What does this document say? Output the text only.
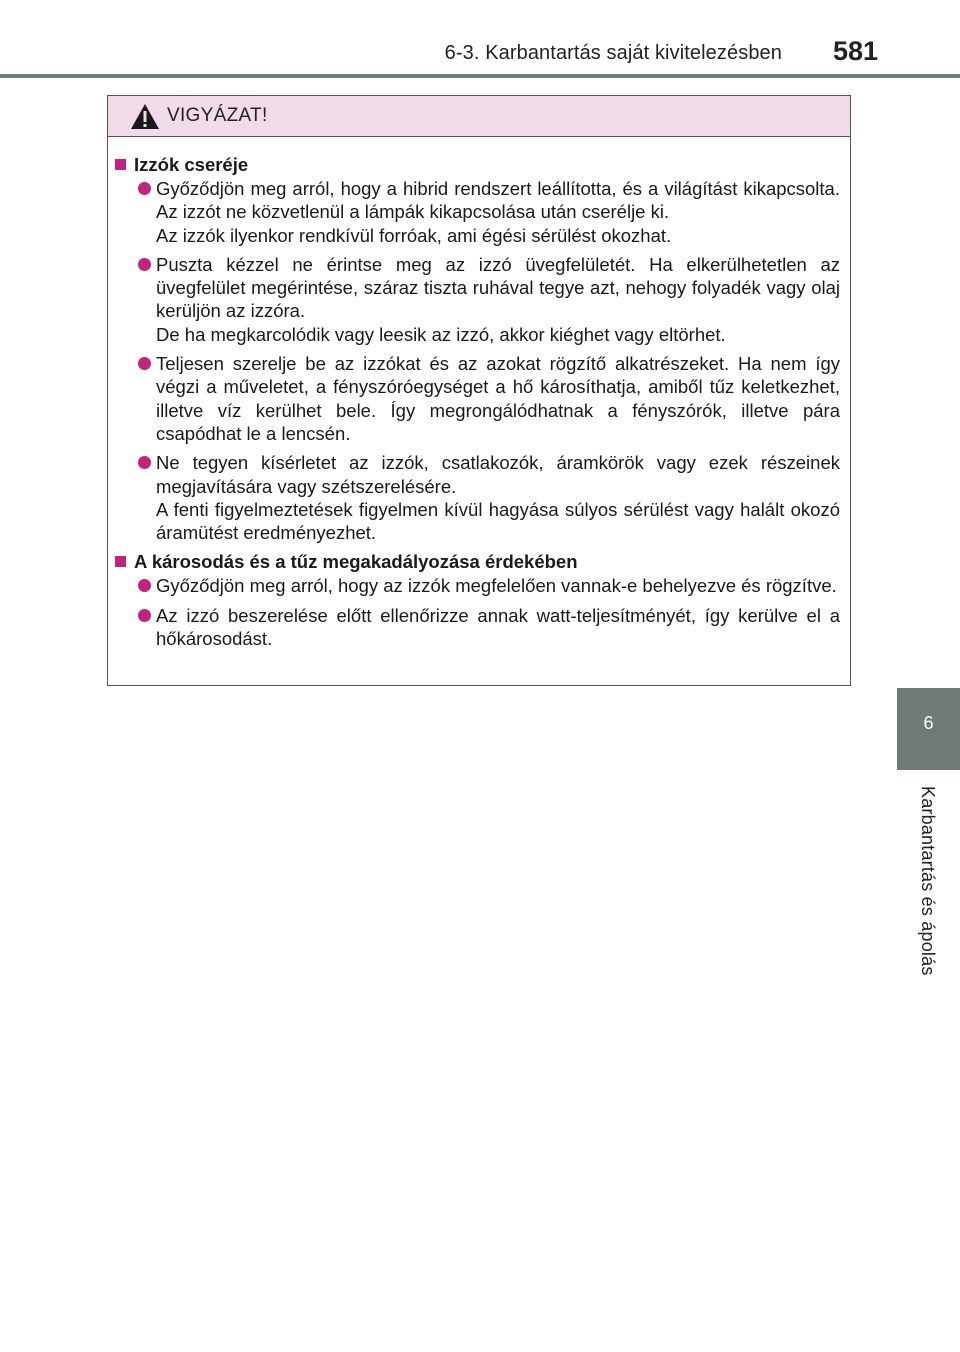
6-3. Karbantartás saját kivitelezésben 581
VIGYÁZAT!
Izzók cseréje

Győződjön meg arról, hogy a hibrid rendszert leállította, és a világítást kikapcsolta. Az izzót ne közvetlenül a lámpák kikapcsolása után cserélje ki.

Az izzók ilyenkor rendkívül forróak, ami égési sérülést okozhat.

Puszta kézzel ne érintse meg az izzó üvegfelületét. Ha elkerülhetetlen az üvegfelület megérintése, száraz tiszta ruhával tegye azt, nehogy folyadék vagy olaj kerüljön az izzóra.

De ha megkarcolódik vagy leesik az izzó, akkor kiéghet vagy eltörhet.

Teljesen szerelje be az izzókat és az azokat rögzítő alkatrészeket. Ha nem így végzi a műveletet, a fényszóróegységet a hő károsíthatja, amiből tűz keletkezhet, illetve víz kerülhet bele. Így megrongálódhatnak a fényszórók, illetve pára csapódhat le a lencsén.

Ne tegyen kísérletet az izzók, csatlakozók, áramkörök vagy ezek részeinek megjavítására vagy szétszerelésére.

A fenti figyelmeztetések figyelmen kívül hagyása súlyos sérülést vagy halált okozó áramütést eredményezhet.

A károsodás és a tűz megakadályozása érdekében

Győződjön meg arról, hogy az izzók megfelelően vannak-e behelyezve és rögzítve.

Az izzó beszerelése előtt ellenőrizze annak watt-teljesítményét, így kerülve el a hőkárosodást.

6
Karbantartás és ápolás
